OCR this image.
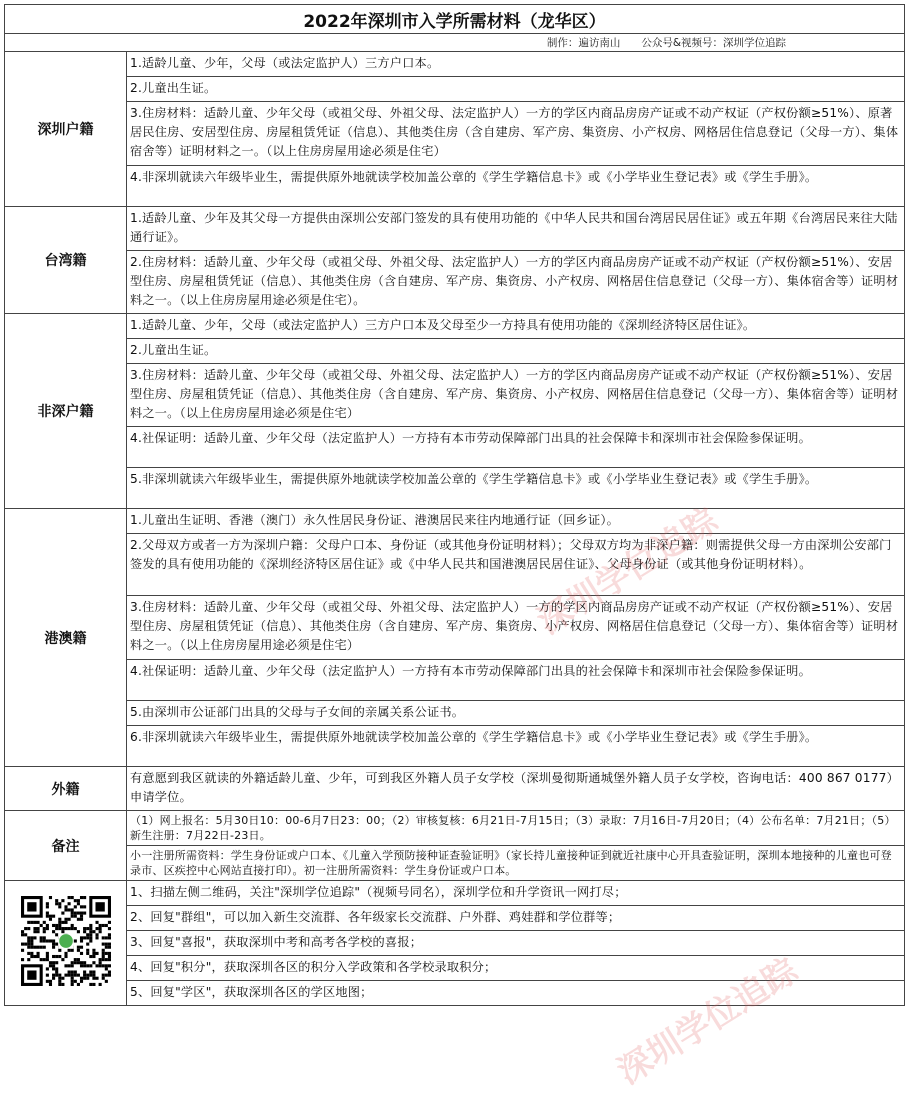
2022年深圳市入学所需材料（龙华区）	
制作：遍访南山　　公众号&视频号：深圳学位追踪	
深圳户籍	1.适龄儿童、少年，父母（或法定监护人）三方户口本。
	2.儿童出生证。
	3.住房材料：适龄儿童、少年父母（或祖父母、外祖父母、法定监护人）一方的学区内商品房房产证或不动产权证（产权份额≥51%）、原著居民住房、安居型住房、房屋租赁凭证（信息）、其他类住房（含自建房、军产房、集资房、小产权房、网格居住信息登记（父母一方）、集体宿舍等）证明材料之一。（以上住房房屋用途必须是住宅）
	4.非深圳就读六年级毕业生，需提供原外地就读学校加盖公章的《学生学籍信息卡》或《小学毕业生登记表》或《学生手册》。
台湾籍	1.适龄儿童、少年及其父母一方提供由深圳公安部门签发的具有使用功能的《中华人民共和国台湾居民居住证》或五年期《台湾居民来往大陆通行证》。
	2.住房材料：适龄儿童、少年父母（或祖父母、外祖父母、法定监护人）一方的学区内商品房房产证或不动产权证（产权份额≥51%）、安居型住房、房屋租赁凭证（信息）、其他类住房（含自建房、军产房、集资房、小产权房、网格居住信息登记（父母一方）、集体宿舍等）证明材料之一。（以上住房房屋用途必须是住宅）。
非深户籍	1.适龄儿童、少年，父母（或法定监护人）三方户口本及父母至少一方持具有使用功能的《深圳经济特区居住证》。
	2.儿童出生证。
	3.住房材料：适龄儿童、少年父母（或祖父母、外祖父母、法定监护人）一方的学区内商品房房产证或不动产权证（产权份额≥51%）、安居型住房、房屋租赁凭证（信息）、其他类住房（含自建房、军产房、集资房、小产权房、网格居住信息登记（父母一方）、集体宿舍等）证明材料之一。（以上住房房屋用途必须是住宅）
	4.社保证明：适龄儿童、少年父母（法定监护人）一方持有本市劳动保障部门出具的社会保障卡和深圳市社会保险参保证明。
	5.非深圳就读六年级毕业生，需提供原外地就读学校加盖公章的《学生学籍信息卡》或《小学毕业生登记表》或《学生手册》。
港澳籍	1.儿童出生证明、香港（澳门）永久性居民身份证、港澳居民来往内地通行证（回乡证）。
	2.父母双方或者一方为深圳户籍：父母户口本、身份证（或其他身份证明材料）；父母双方均为非深户籍：则需提供父母一方由深圳公安部门签发的具有使用功能的《深圳经济特区居住证》或《中华人民共和国港澳居民居住证》、父母身份证（或其他身份证明材料）。
	3.住房材料：适龄儿童、少年父母（或祖父母、外祖父母、法定监护人）一方的学区内商品房房产证或不动产权证（产权份额≥51%）、安居型住房、房屋租赁凭证（信息）、其他类住房（含自建房、军产房、集资房、小产权房、网格居住信息登记（父母一方）、集体宿舍等）证明材料之一。（以上住房房屋用途必须是住宅）
	4.社保证明：适龄儿童、少年父母（法定监护人）一方持有本市劳动保障部门出具的社会保障卡和深圳市社会保险参保证明。
	5.由深圳市公证部门出具的父母与子女间的亲属关系公证书。
	6.非深圳就读六年级毕业生，需提供原外地就读学校加盖公章的《学生学籍信息卡》或《小学毕业生登记表》或《学生手册》。
外籍	有意愿到我区就读的外籍适龄儿童、少年，可到我区外籍人员子女学校（深圳曼彻斯通城堡外籍人员子女学校，咨询电话：400 867 0177）申请学位。
备注	（1）网上报名：5月30日10：00-6月7日23：00；（2）审核复核：6月21日-7月15日；（3）录取：7月16日-7月20日；（4）公布名单：7月21日；（5）新生注册：7月22日-23日。
	小一注册所需资料：学生身份证或户口本、《儿童入学预防接种证查验证明》（家长持儿童接种证到就近社康中心开具查验证明，深圳本地接种的儿童也可登录市、区疾控中心网站直接打印）。初一注册所需资料：学生身份证或户口本。
	1、扫描左侧二维码，关注"深圳学位追踪"（视频号同名），深圳学位和升学资讯一网打尽；
	2、回复"群组"，可以加入新生交流群、各年级家长交流群、户外群、鸡娃群和学位群等；
	3、回复"喜报"，获取深圳中考和高考各学校的喜报；
	4、回复"积分"，获取深圳各区的积分入学政策和各学校录取积分；
	5、回复"学区"，获取深圳各区的学区地图；
深圳学位追踪
深圳学位追踪
